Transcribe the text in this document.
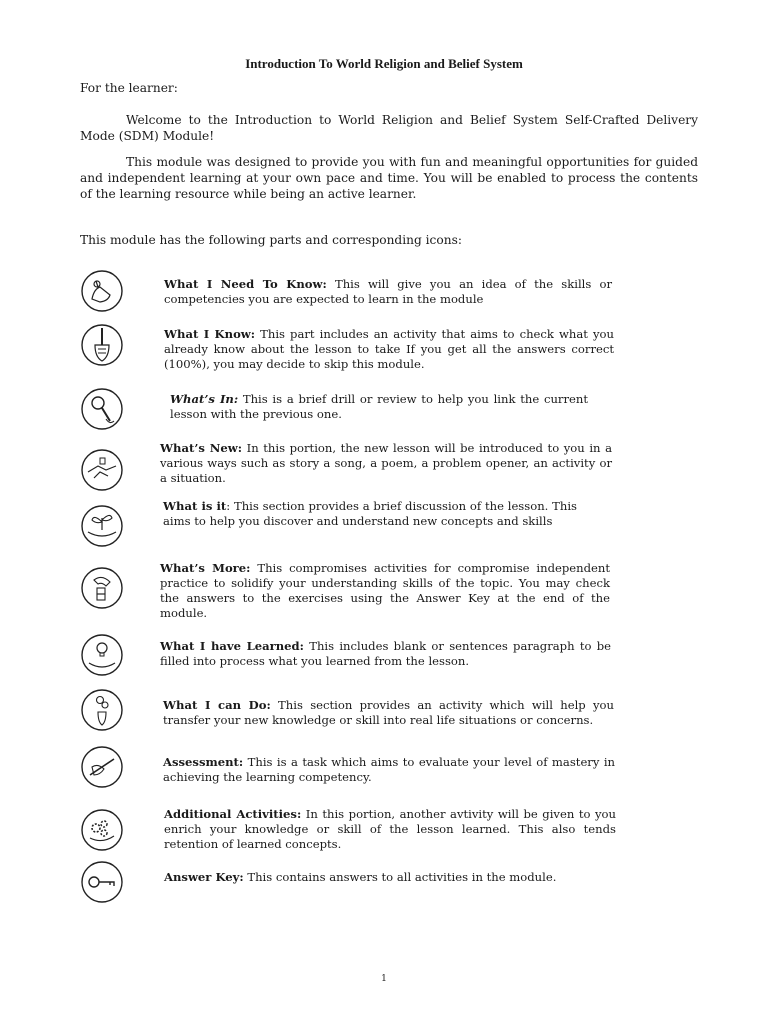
Introduction To World Religion and Belief System
For the learner:
Welcome to the Introduction to World Religion and Belief System Self-Crafted Delivery Mode (SDM) Module!
This module was designed to provide you with fun and meaningful opportunities for guided and independent learning at your own pace and time. You will be enabled to process the contents of the learning resource while being an active learner.
This module has the following parts and corresponding icons:
What I Need To Know: This will give you an idea of the skills or competencies you are expected to learn in the module
What I Know: This part includes an activity that aims to check what you already know about the lesson to take If you get all the answers correct (100%), you may decide to skip this module.
What’s In: This is a brief drill or review to help you link the current lesson with the previous one.
What’s New: In this portion, the new lesson will be introduced to you in a various ways such as story a song, a poem, a problem opener, an activity or a situation.
What is it: This section provides a brief discussion of the lesson. This aims to help you discover and understand new concepts and skills
What’s More: This compromises activities for compromise independent practice to solidify your understanding skills of the topic. You may check the answers to the exercises using the Answer Key at the end of the module.
What I have Learned: This includes blank or sentences paragraph to be filled into process what you learned from the lesson.
What I can Do: This section provides an activity which will help you transfer your new knowledge or skill into real life situations or concerns.
Assessment: This is a task which aims to evaluate your level of mastery in achieving the learning competency.
Additional Activities: In this portion, another avtivity will be given to you enrich your knowledge or skill of the lesson learned. This also tends retention of learned concepts.
Answer Key: This contains answers to all activities in the module.
1
